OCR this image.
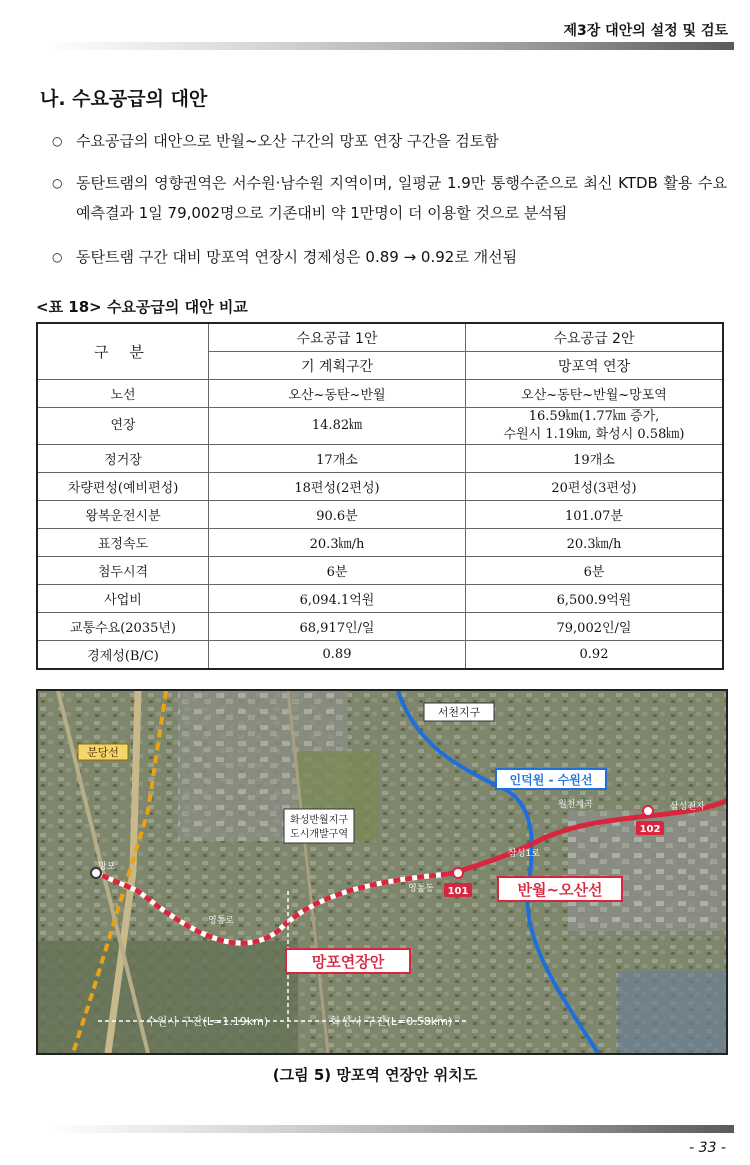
제3장 대안의 설정 및 검토
나. 수요공급의 대안
○ 수요공급의 대안으로 반월~오산 구간의 망포 연장 구간을 검토함
○ 동탄트램의 영향권역은 서수원·남수원 지역이며, 일평균 1.9만 통행수준으로 최신 KTDB 활용 수요예측결과 1일 79,002명으로 기존대비 약 1만명이 더 이용할 것으로 분석됨
○ 동탄트램 구간 대비 망포역 연장시 경제성은 0.89 → 0.92로 개선됨
<표 18> 수요공급의 대안 비교
구 분	수요공급 1안	수요공급 2안
	기 계획구간	망포역 연장
노선	오산~동탄~반월	오산~동탄~반월~망포역
연장	14.82㎞	16.59㎞(1.77㎞ 증가,
수원시 1.19㎞, 화성시 0.58㎞)

정거장	17개소	19개소
차량편성(예비편성)	18편성(2편성)	20편성(3편성)
왕복운전시분	90.6분	101.07분
표정속도	20.3㎞/h	20.3㎞/h
첨두시격	6분	6분
사업비	6,094.1억원	6,500.9억원
교통수요(2035년)	68,917인/일	79,002인/일
경제성(B/C)	0.89	0.92
분당선
서천지구
인덕원 - 수원선
화성반월지구
도시개발구역
반월~오산선
망포연장안
101
102
망포
원천계곡
영통동
영통로
삼성1로
삼성전자
수원시 구간(L=1.19km)	화성시 구간(L=0.58km)
(그림 5) 망포역 연장안 위치도
- 33 -
